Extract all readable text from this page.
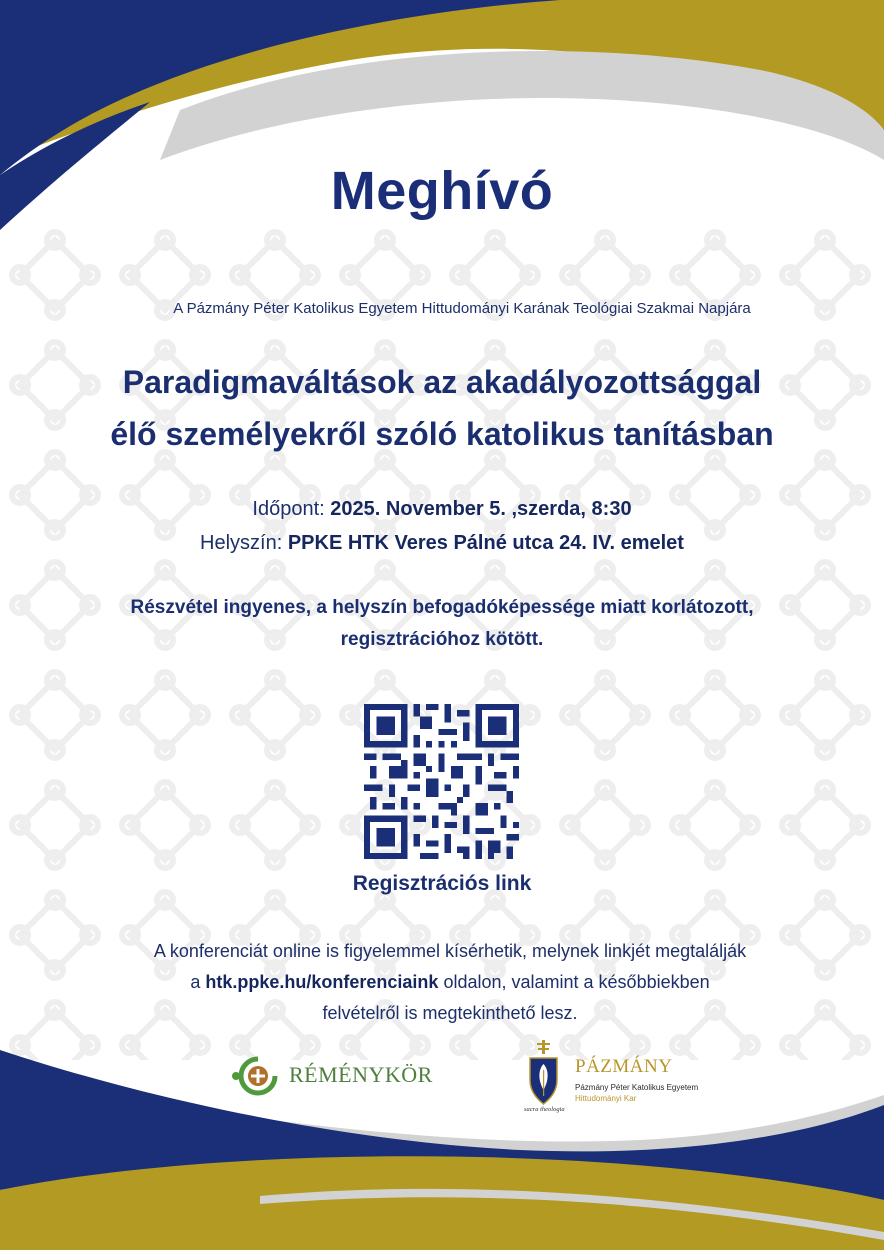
Meghívó
A Pázmány Péter Katolikus Egyetem Hittudományi Karának Teológiai Szakmai Napjára
Paradigmaváltások az akadályozottsággal
élő személyekről szóló katolikus tanításban
Időpont: 2025. November 5. ,szerda, 8:30
Helyszín: PPKE HTK Veres Pálné utca 24. IV. emelet
Részvétel ingyenes, a helyszín befogadóképessége miatt korlátozott,
regisztrációhoz kötött.
Regisztrációs link
A konferenciát online is figyelemmel kísérhetik, melynek linkjét megtalálják a htk.ppke.hu/konferenciaink oldalon, valamint a későbbiekben felvételről is megtekinthető lesz.
RÉMÉNYKÖR	PÁZMÁNY
Pázmány Péter Katolikus Egyetem
Hittudományi Kar
sacra theologia
